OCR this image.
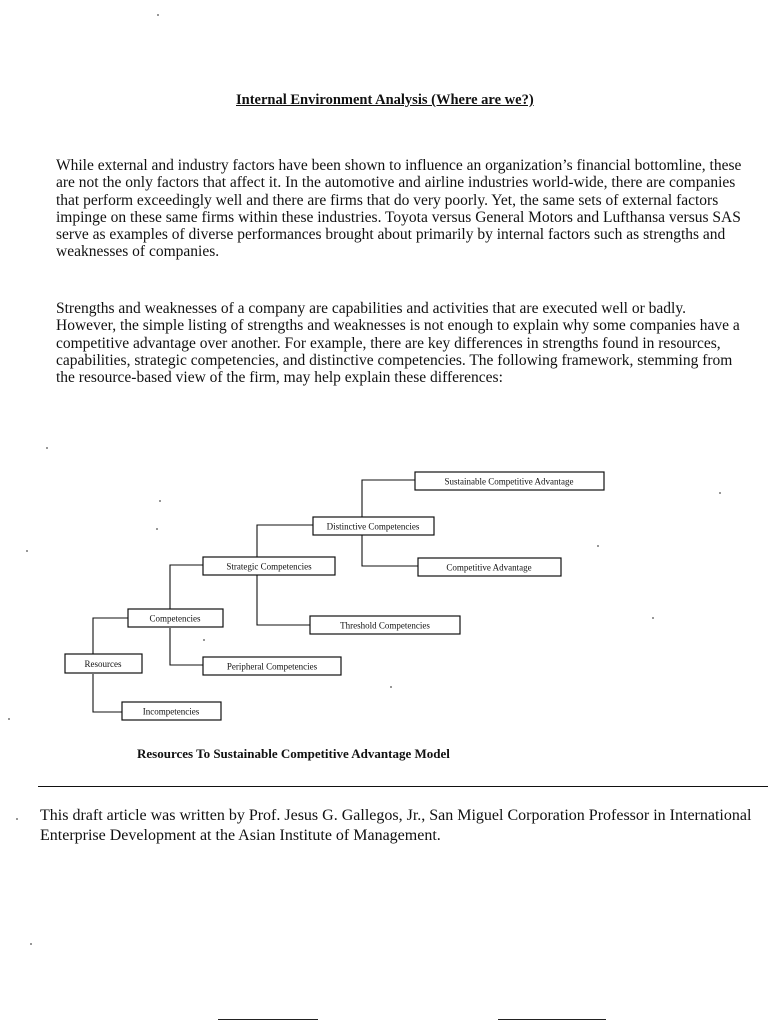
Internal Environment Analysis (Where are we?)

While external and industry factors have been shown to influence an organization’s financial bottomline, these are not the only factors that affect it. In the automotive and airline industries world-wide, there are companies that perform exceedingly well and there are firms that do very poorly. Yet, the same sets of external factors impinge on these same firms within these industries. Toyota versus General Motors and Lufthansa versus SAS serve as examples of diverse performances brought about primarily by internal factors such as strengths and weaknesses of companies.

Strengths and weaknesses of a company are capabilities and activities that are executed well or badly. However, the simple listing of strengths and weaknesses is not enough to explain why some companies have a competitive advantage over another. For example, there are key differences in strengths found in resources, capabilities, strategic competencies, and distinctive competencies. The following framework, stemming from the resource-based view of the firm, may help explain these differences:

Sustainable Competitive Advantage
Distinctive Competencies
Competitive Advantage
Strategic Competencies
Threshold Competencies
Competencies
Resources	Peripheral Competencies
Incompetencies
Resources To Sustainable Competitive Advantage Model

This draft article was written by Prof. Jesus G. Gallegos, Jr., San Miguel Corporation Professor in International Enterprise Development at the Asian Institute of Management.
